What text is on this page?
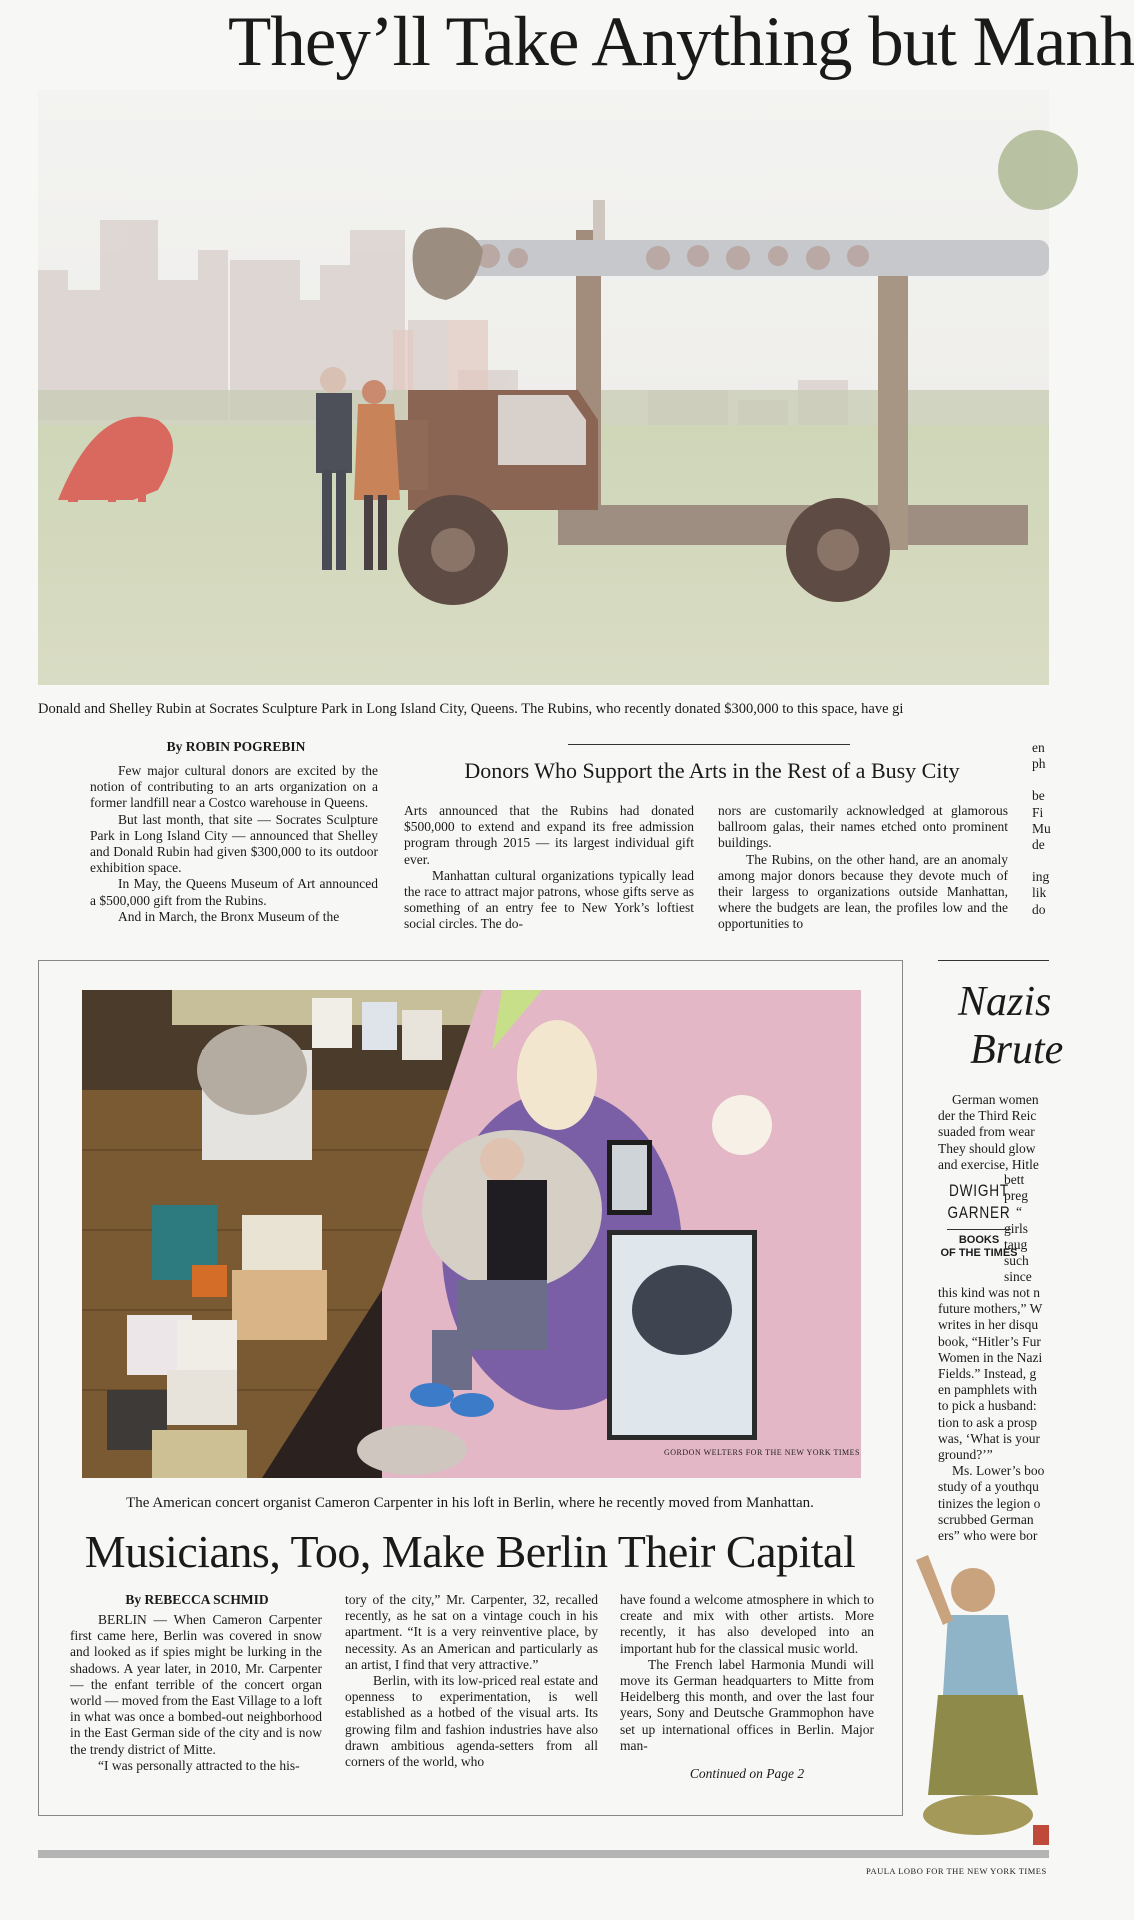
They’ll Take Anything but Manh
Donald and Shelley Rubin at Socrates Sculpture Park in Long Island City, Queens. The Rubins, who recently donated $300,000 to this space, have gi
By ROBIN POGREBIN

Few major cultural donors are excited by the notion of contributing to an arts organization on a former landfill near a Costco warehouse in Queens.

But last month, that site — Socrates Sculpture Park in Long Island City — announced that Shelley and Donald Rubin had given $300,000 to its outdoor exhibition space.

In May, the Queens Museum of Art announced a $500,000 gift from the Rubins.

And in March, the Bronx Museum of the

Donors Who Support the Arts in the Rest of a Busy City

Arts announced that the Rubins had donated $500,000 to extend and expand its free admission program through 2015 — its largest individual gift ever.

Manhattan cultural organizations typically lead the race to attract major patrons, whose gifts serve as something of an entry fee to New York’s loftiest social circles. The do-

nors are customarily acknowledged at glamorous ballroom galas, their names etched onto prominent buildings.

The Rubins, on the other hand, are an anomaly among major donors because they devote much of their largess to organizations outside Manhattan, where the budgets are lean, the profiles low and the opportunities to

en
ph
be
Fi
Mu
de
ing
lik
do
GORDON WELTERS FOR THE NEW YORK TIMES
The American concert organist Cameron Carpenter in his loft in Berlin, where he recently moved from Manhattan.
Musicians, Too, Make Berlin Their Capital
By REBECCA SCHMID

BERLIN — When Cameron Carpenter first came here, Berlin was covered in snow and looked as if spies might be lurking in the shadows. A year later, in 2010, Mr. Carpenter — the enfant terrible of the concert organ world — moved from the East Village to a loft in what was once a bombed-out neighborhood in the East German side of the city and is now the trendy district of Mitte.

“I was personally attracted to the his-

tory of the city,” Mr. Carpenter, 32, recalled recently, as he sat on a vintage couch in his apartment. “It is a very reinventive place, by necessity. As an American and particularly as an artist, I find that very attractive.”

Berlin, with its low-priced real estate and openness to experimentation, is well established as a hotbed of the visual arts. Its growing film and fashion industries have also drawn ambitious agenda-setters from all corners of the world, who

have found a welcome atmosphere in which to create and mix with other artists. More recently, it has also developed into an important hub for the classical music world.

The French label Harmonia Mundi will move its German headquarters to Mitte from Heidelberg this month, and over the last four years, Sony and Deutsche Grammophon have set up international offices in Berlin. Major man-

Continued on Page 2
Nazis
Brute
German women
der the Third Reic
suaded from wear
They should glow
and exercise, Hitle
bett
preg
“
girls
taug
such
since
DWIGHT
GARNER
BOOKS
OF THE TIMES
this kind was not n
future mothers,” W
writes in her disqu
book, “Hitler’s Fur
Women in the Nazi
Fields.” Instead, g
en pamphlets with
to pick a husband:
tion to ask a prosp
was, ‘What is your
ground?’”
Ms. Lower’s boo
study of a youthqu
tinizes the legion o
scrubbed German
ers” who were bor
PAULA LOBO FOR THE NEW YORK TIMES
